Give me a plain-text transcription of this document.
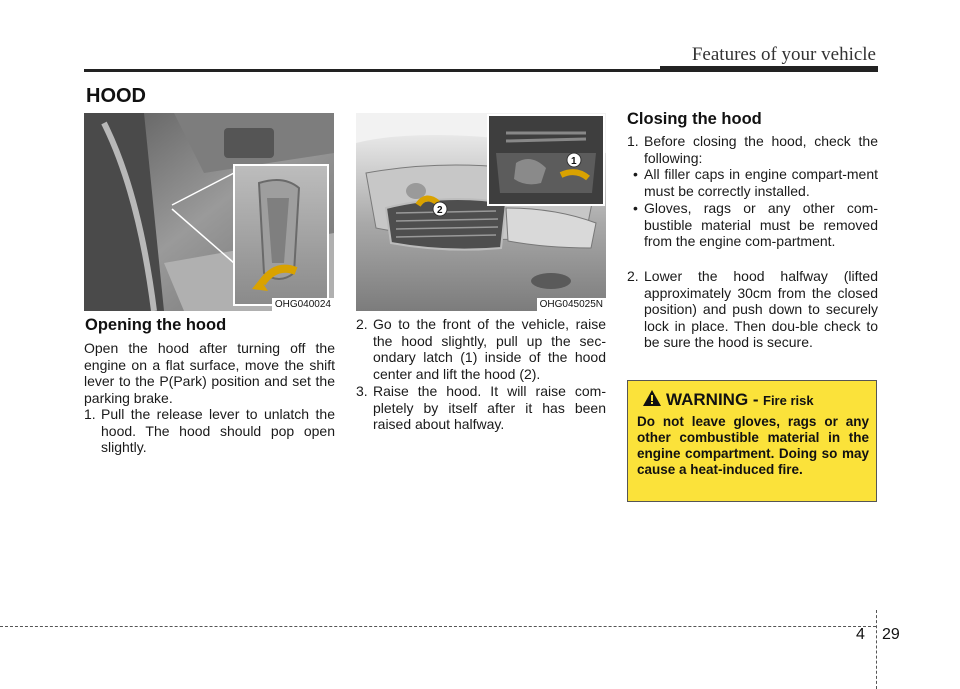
Features of your vehicle
HOOD
OHG040024
1
2
OHG045025N
Opening the hood
Open the hood after turning off the engine on a flat surface, move the shift lever to the P(Park) position and set the parking brake.
1. Pull the release lever to unlatch the hood. The hood should pop open slightly.
2. Go to the front of the vehicle, raise the hood slightly, pull up the sec-ondary latch (1) inside of the hood center and lift the hood (2).
3. Raise the hood. It will raise com-pletely by itself after it has been raised about halfway.
Closing the hood
1. Before closing the hood, check the following:
• All filler caps in engine compart-ment must be correctly installed.
• Gloves, rags or any other com-bustible material must be removed from the engine com-partment.
2. Lower the hood halfway (lifted approximately 30cm from the closed position) and push down to securely lock in place. Then dou-ble check to be sure the hood is secure.
WARNING - Fire risk
Do not leave gloves, rags or any other combustible material in the engine compartment. Doing so may cause a heat-induced fire.
4 29
